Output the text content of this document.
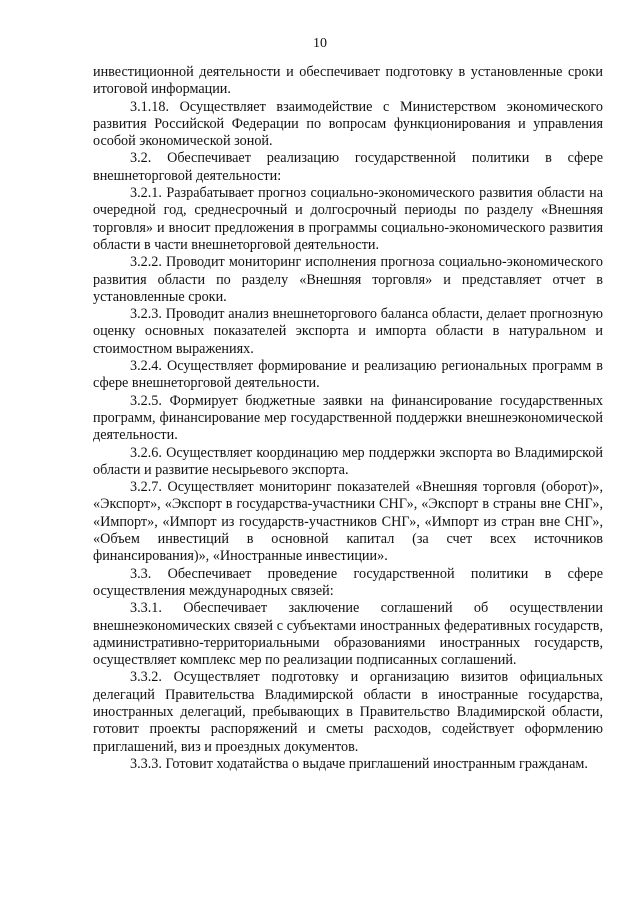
10

инвестиционной деятельности и обеспечивает подготовку в установленные сроки итоговой информации.

3.1.18. Осуществляет взаимодействие с Министерством экономического развития Российской Федерации по вопросам функционирования и управления особой экономической зоной.

3.2. Обеспечивает реализацию государственной политики в сфере внешнеторговой деятельности:

3.2.1. Разрабатывает прогноз социально-экономического развития области на очередной год, среднесрочный и долгосрочный периоды по разделу «Внешняя торговля» и вносит предложения в программы социально-экономического развития области в части внешнеторговой деятельности.

3.2.2. Проводит мониторинг исполнения прогноза социально-экономического развития области по разделу «Внешняя торговля» и представляет отчет в установленные сроки.

3.2.3. Проводит анализ внешнеторгового баланса области, делает прогнозную оценку основных показателей экспорта и импорта области в натуральном и стоимостном выражениях.

3.2.4. Осуществляет формирование и реализацию региональных программ в сфере внешнеторговой деятельности.

3.2.5. Формирует бюджетные заявки на финансирование государственных программ, финансирование мер государственной поддержки внешнеэкономической деятельности.

3.2.6. Осуществляет координацию мер поддержки экспорта во Владимирской области и развитие несырьевого экспорта.

3.2.7. Осуществляет мониторинг показателей «Внешняя торговля (оборот)», «Экспорт», «Экспорт в государства-участники СНГ», «Экспорт в страны вне СНГ», «Импорт», «Импорт из государств-участников СНГ», «Импорт из стран вне СНГ», «Объем инвестиций в основной капитал (за счет всех источников финансирования)», «Иностранные инвестиции».

3.3. Обеспечивает проведение государственной политики в сфере осуществления международных связей:

3.3.1. Обеспечивает заключение соглашений об осуществлении внешнеэкономических связей с субъектами иностранных федеративных государств, административно-территориальными образованиями иностранных государств, осуществляет комплекс мер по реализации подписанных соглашений.

3.3.2. Осуществляет подготовку и организацию визитов официальных делегаций Правительства Владимирской области в иностранные государства, иностранных делегаций, пребывающих в Правительство Владимирской области, готовит проекты распоряжений и сметы расходов, содействует оформлению приглашений, виз и проездных документов.

3.3.3. Готовит ходатайства о выдаче приглашений иностранным гражданам.
